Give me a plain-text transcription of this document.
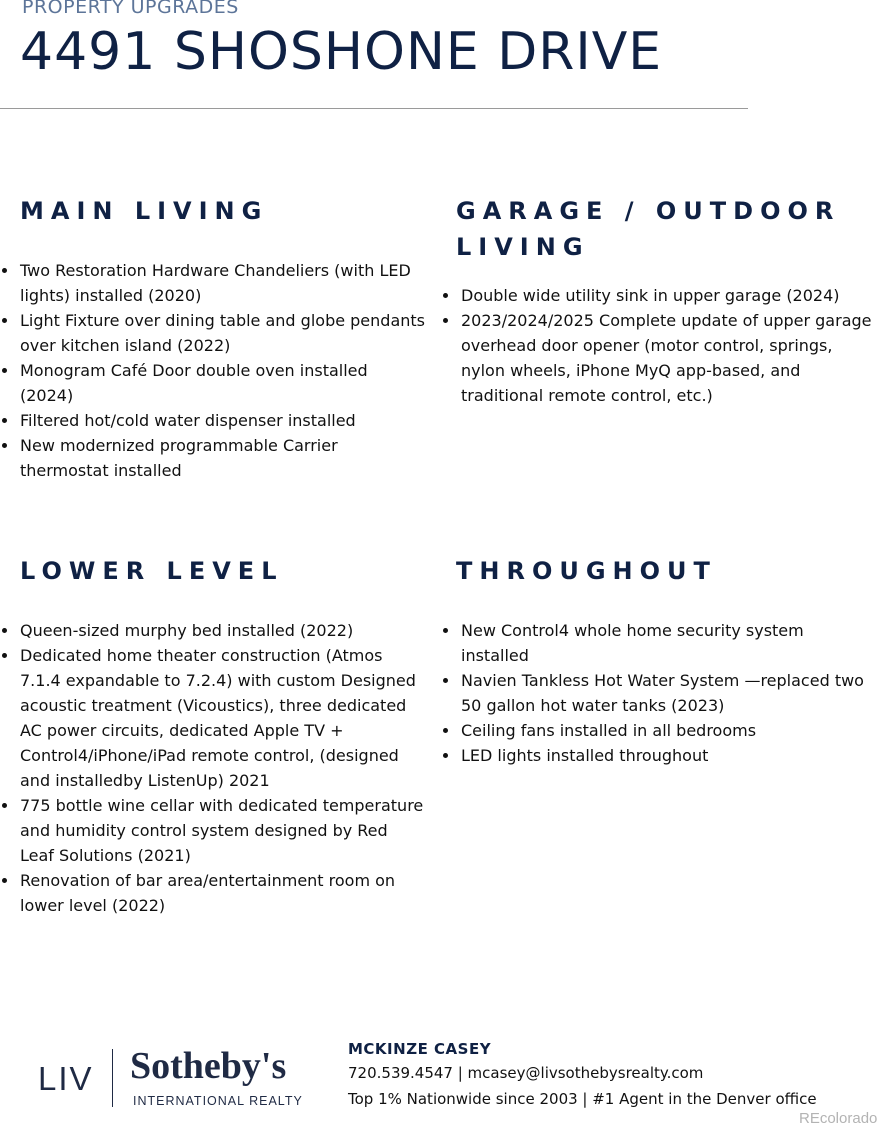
PROPERTY UPGRADES
4491 SHOSHONE DRIVE
MAIN LIVING
Two Restoration Hardware Chandeliers (with LED lights) installed (2020)
Light Fixture over dining table and globe pendants over kitchen island (2022)
Monogram Café Door double oven installed (2024)
Filtered hot/cold water dispenser installed
New modernized programmable Carrier thermostat installed
GARAGE / OUTDOOR LIVING
Double wide utility sink in upper garage (2024)
2023/2024/2025 Complete update of upper garage overhead door opener (motor control, springs, nylon wheels, iPhone MyQ app-based, and traditional remote control, etc.)
LOWER LEVEL
Queen-sized murphy bed installed (2022)
Dedicated home theater construction (Atmos 7.1.4 expandable to 7.2.4) with custom Designed acoustic treatment (Vicoustics), three dedicated AC power circuits, dedicated Apple TV + Control4/iPhone/iPad remote control, (designed and installedby ListenUp) 2021
775 bottle wine cellar with dedicated temperature and humidity control system designed by Red Leaf Solutions (2021)
Renovation of bar area/entertainment room on lower level (2022)
THROUGHOUT
New Control4 whole home security system installed
Navien Tankless Hot Water System —replaced two 50 gallon hot water tanks (2023)
Ceiling fans installed in all bedrooms
LED lights installed throughout
LIV Sotheby's
INTERNATIONAL REALTY
MCKINZE CASEY
720.539.4547 | mcasey@livsothebysrealty.com
Top 1% Nationwide since 2003 | #1 Agent in the Denver office
REcolorado
